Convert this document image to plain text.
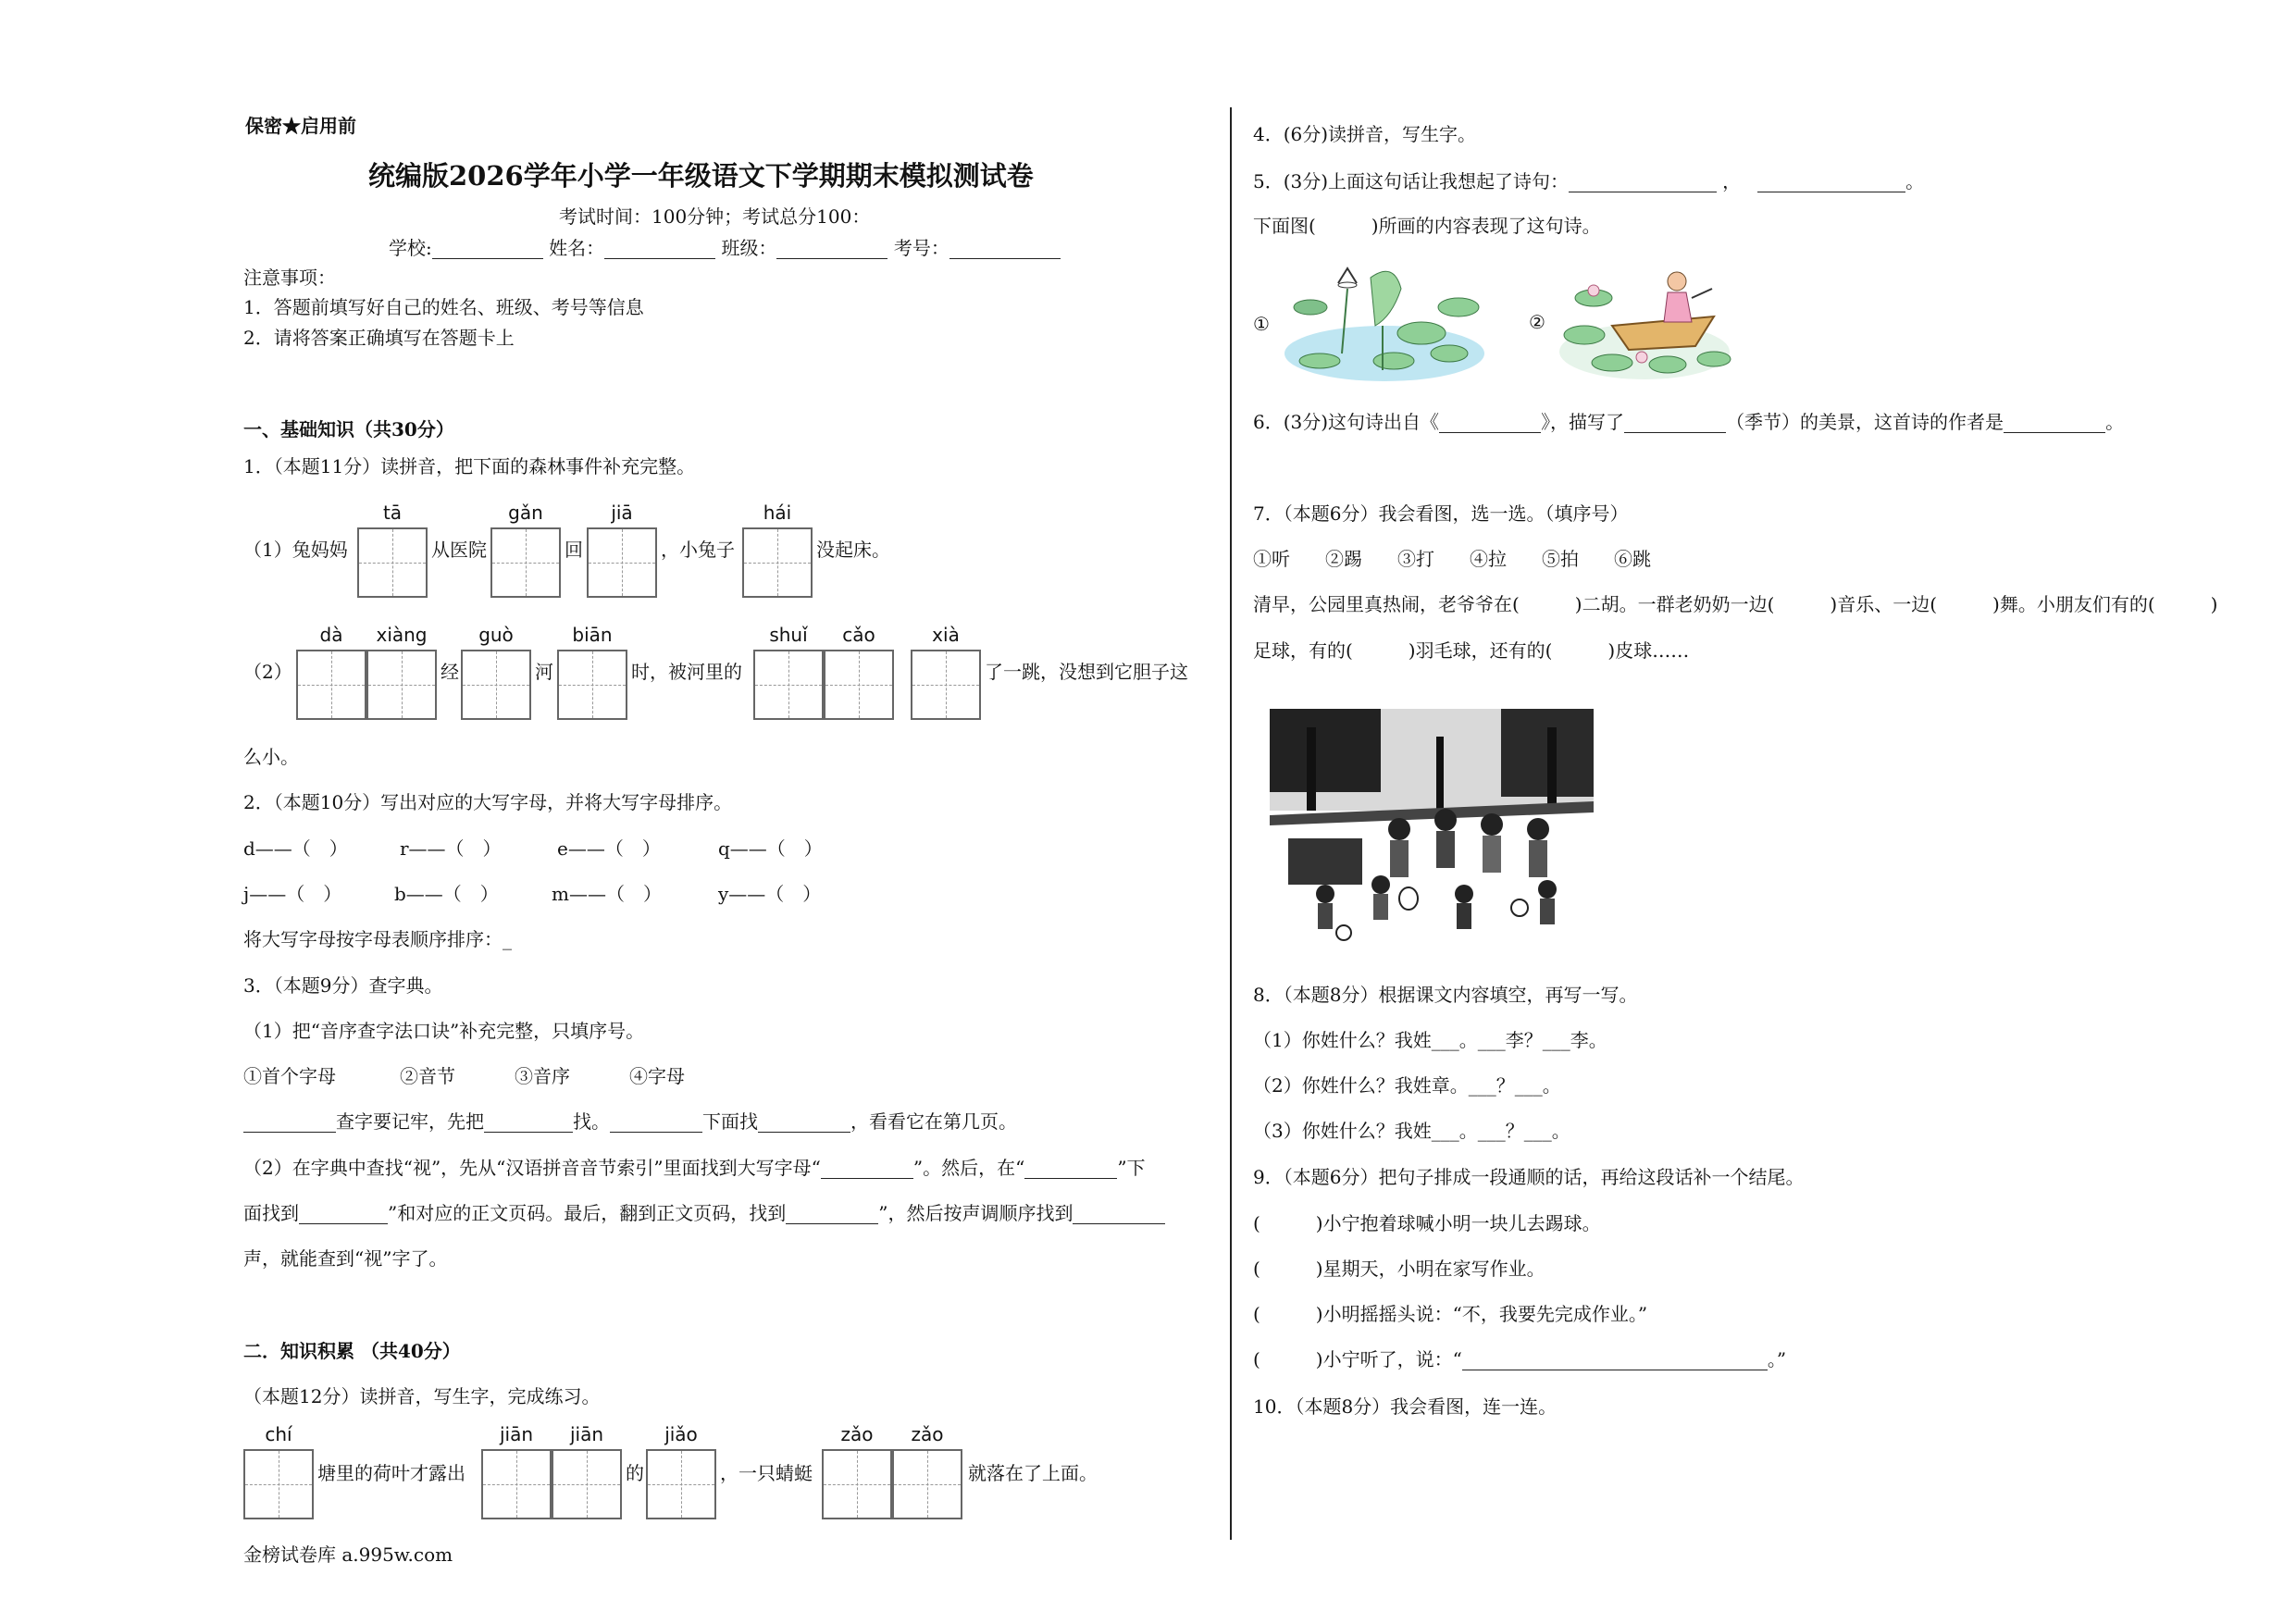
保密★启用前
统编版2026学年小学一年级语文下学期期末模拟测试卷
考试时间：100分钟；考试总分100：
学校:	姓名：	班级：	考号：
注意事项：
1．答题前填写好自己的姓名、班级、考号等信息
2．请将答案正确填写在答题卡上
一、基础知识（共30分）
1．（本题11分）读拼音，把下面的森林事件补充完整。
tā	gǎn	jiā	hái
（1）兔妈妈	从医院	回	，小兔子	没起床。
dà	xiàng	guò	biān	shuǐ	cǎo	xià
（2）	经	河	时，被河里的	了一跳，没想到它胆子这
么小。
2．（本题10分）写出对应的大写字母，并将大写字母排序。
d——（　）	r——（　）	e——（　）	q——（　）
j——（　）	b——（　）	m——（　）	y——（　）
将大写字母按字母表顺序排序：_
3．（本题9分）查字典。
（1）把“音序查字法口诀”补充完整，只填序号。
①首个字母	②音节	③音序	④字母
查字要记牢，先把	找。	下面找	，看看它在第几页。
（2）在字典中查找“视”，先从“汉语拼音音节索引”里面找到大写字母“	”。然后，在“	”下
面找到	”和对应的正文页码。最后，翻到正文页码，找到	”，然后按声调顺序找到
声，就能查到“视”字了。
二．知识积累 （共40分）
（本题12分）读拼音，写生字，完成练习。
chí	jiān	jiān	jiǎo	zǎo	zǎo
塘里的荷叶才露出	的	，一只蜻蜓	就落在了上面。
金榜试卷库 a.995w.com
4．(6分)读拼音，写生字。
5．(3分)上面这句话让我想起了诗句：	，	。
下面图(　　　)所画的内容表现了这句诗。
①	②
6．(3分)这句诗出自《	》，描写了	（季节）的美景，这首诗的作者是	。
7．（本题6分）我会看图，选一选。（填序号）
①听 ②踢 ③打 ④拉 ⑤拍 ⑥跳
清早，公园里真热闹，老爷爷在(　　　)二胡。一群老奶奶一边(　　　)音乐、一边(　　　)舞。小朋友们有的(　　　)
足球，有的(　　　)羽毛球，还有的(　　　)皮球……
8．（本题8分）根据课文内容填空，再写一写。
（1）你姓什么？我姓___。___李？___李。
（2）你姓什么？我姓章。___？___。
（3）你姓什么？我姓___。___？___。
9．（本题6分）把句子排成一段通顺的话，再给这段话补一个结尾。
(　　　)小宁抱着球喊小明一块儿去踢球。
(　　　)星期天，小明在家写作业。
(　　　)小明摇摇头说：“不，我要先完成作业。”
(　　　)小宁听了，说：“	。”
10．（本题8分）我会看图，连一连。
